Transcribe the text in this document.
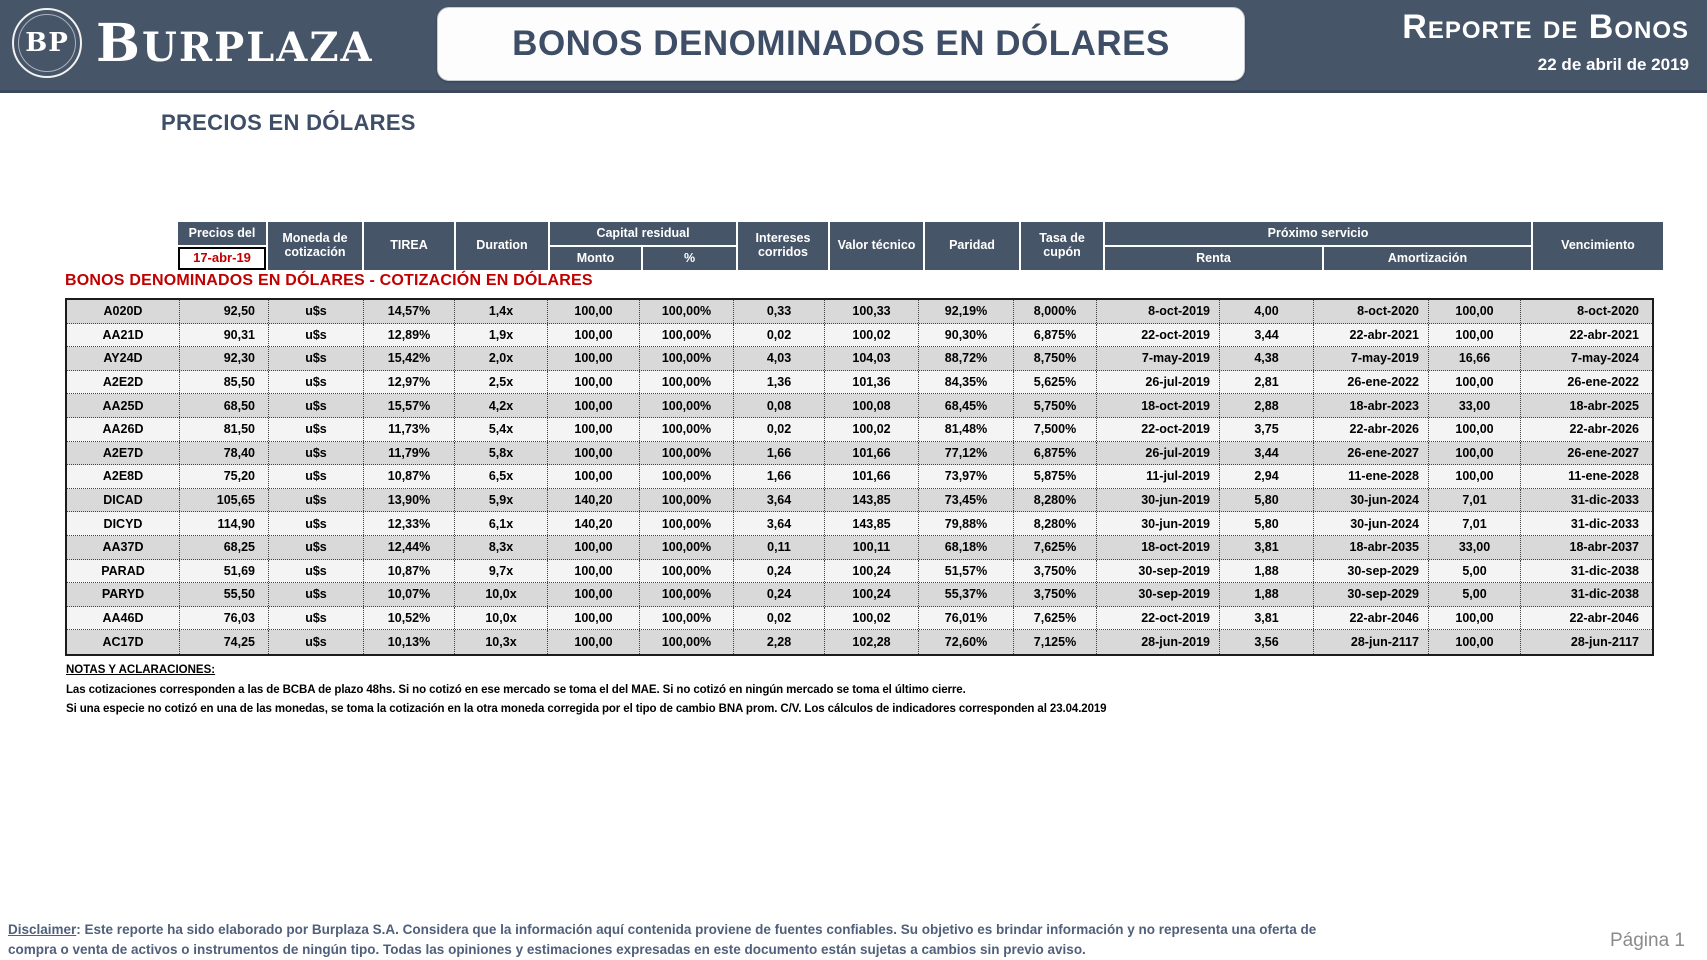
BP BURPLAZA	BONOS DENOMINADOS EN DÓLARES	Reporte de Bonos
22 de abril de 2019
PRECIOS EN DÓLARES
Precios del
17-abr-19
Moneda de cotización	TIREA	Duration
Capital residual
Monto	%
Intereses corridos	Valor técnico	Paridad	Tasa de cupón
Próximo servicio
Renta	Amortización
Vencimiento
BONOS DENOMINADOS EN DÓLARES - COTIZACIÓN EN DÓLARES
A020D	92,50	u$s	14,57%	1,4x	100,00	100,00%	0,33	100,33	92,19%	8,000%	8-oct-2019	4,00	8-oct-2020	100,00	8-oct-2020
AA21D	90,31	u$s	12,89%	1,9x	100,00	100,00%	0,02	100,02	90,30%	6,875%	22-oct-2019	3,44	22-abr-2021	100,00	22-abr-2021
AY24D	92,30	u$s	15,42%	2,0x	100,00	100,00%	4,03	104,03	88,72%	8,750%	7-may-2019	4,38	7-may-2019	16,66	7-may-2024
A2E2D	85,50	u$s	12,97%	2,5x	100,00	100,00%	1,36	101,36	84,35%	5,625%	26-jul-2019	2,81	26-ene-2022	100,00	26-ene-2022
AA25D	68,50	u$s	15,57%	4,2x	100,00	100,00%	0,08	100,08	68,45%	5,750%	18-oct-2019	2,88	18-abr-2023	33,00	18-abr-2025
AA26D	81,50	u$s	11,73%	5,4x	100,00	100,00%	0,02	100,02	81,48%	7,500%	22-oct-2019	3,75	22-abr-2026	100,00	22-abr-2026
A2E7D	78,40	u$s	11,79%	5,8x	100,00	100,00%	1,66	101,66	77,12%	6,875%	26-jul-2019	3,44	26-ene-2027	100,00	26-ene-2027
A2E8D	75,20	u$s	10,87%	6,5x	100,00	100,00%	1,66	101,66	73,97%	5,875%	11-jul-2019	2,94	11-ene-2028	100,00	11-ene-2028
DICAD	105,65	u$s	13,90%	5,9x	140,20	100,00%	3,64	143,85	73,45%	8,280%	30-jun-2019	5,80	30-jun-2024	7,01	31-dic-2033
DICYD	114,90	u$s	12,33%	6,1x	140,20	100,00%	3,64	143,85	79,88%	8,280%	30-jun-2019	5,80	30-jun-2024	7,01	31-dic-2033
AA37D	68,25	u$s	12,44%	8,3x	100,00	100,00%	0,11	100,11	68,18%	7,625%	18-oct-2019	3,81	18-abr-2035	33,00	18-abr-2037
PARAD	51,69	u$s	10,87%	9,7x	100,00	100,00%	0,24	100,24	51,57%	3,750%	30-sep-2019	1,88	30-sep-2029	5,00	31-dic-2038
PARYD	55,50	u$s	10,07%	10,0x	100,00	100,00%	0,24	100,24	55,37%	3,750%	30-sep-2019	1,88	30-sep-2029	5,00	31-dic-2038
AA46D	76,03	u$s	10,52%	10,0x	100,00	100,00%	0,02	100,02	76,01%	7,625%	22-oct-2019	3,81	22-abr-2046	100,00	22-abr-2046
AC17D	74,25	u$s	10,13%	10,3x	100,00	100,00%	2,28	102,28	72,60%	7,125%	28-jun-2019	3,56	28-jun-2117	100,00	28-jun-2117
NOTAS Y ACLARACIONES:
Las cotizaciones corresponden a las de BCBA de plazo 48hs. Si no cotizó en ese mercado se toma el del MAE. Si no cotizó en ningún mercado se toma el último cierre.
Si una especie no cotizó en una de las monedas, se toma la cotización en la otra moneda corregida por el tipo de cambio BNA prom. C/V. Los cálculos de indicadores corresponden al 23.04.2019
Disclaimer: Este reporte ha sido elaborado por Burplaza S.A. Considera que la información aquí contenida proviene de fuentes confiables. Su objetivo es brindar información y no representa una oferta de compra o venta de activos o instrumentos de ningún tipo. Todas las opiniones y estimaciones expresadas en este documento están sujetas a cambios sin previo aviso.	Página 1
